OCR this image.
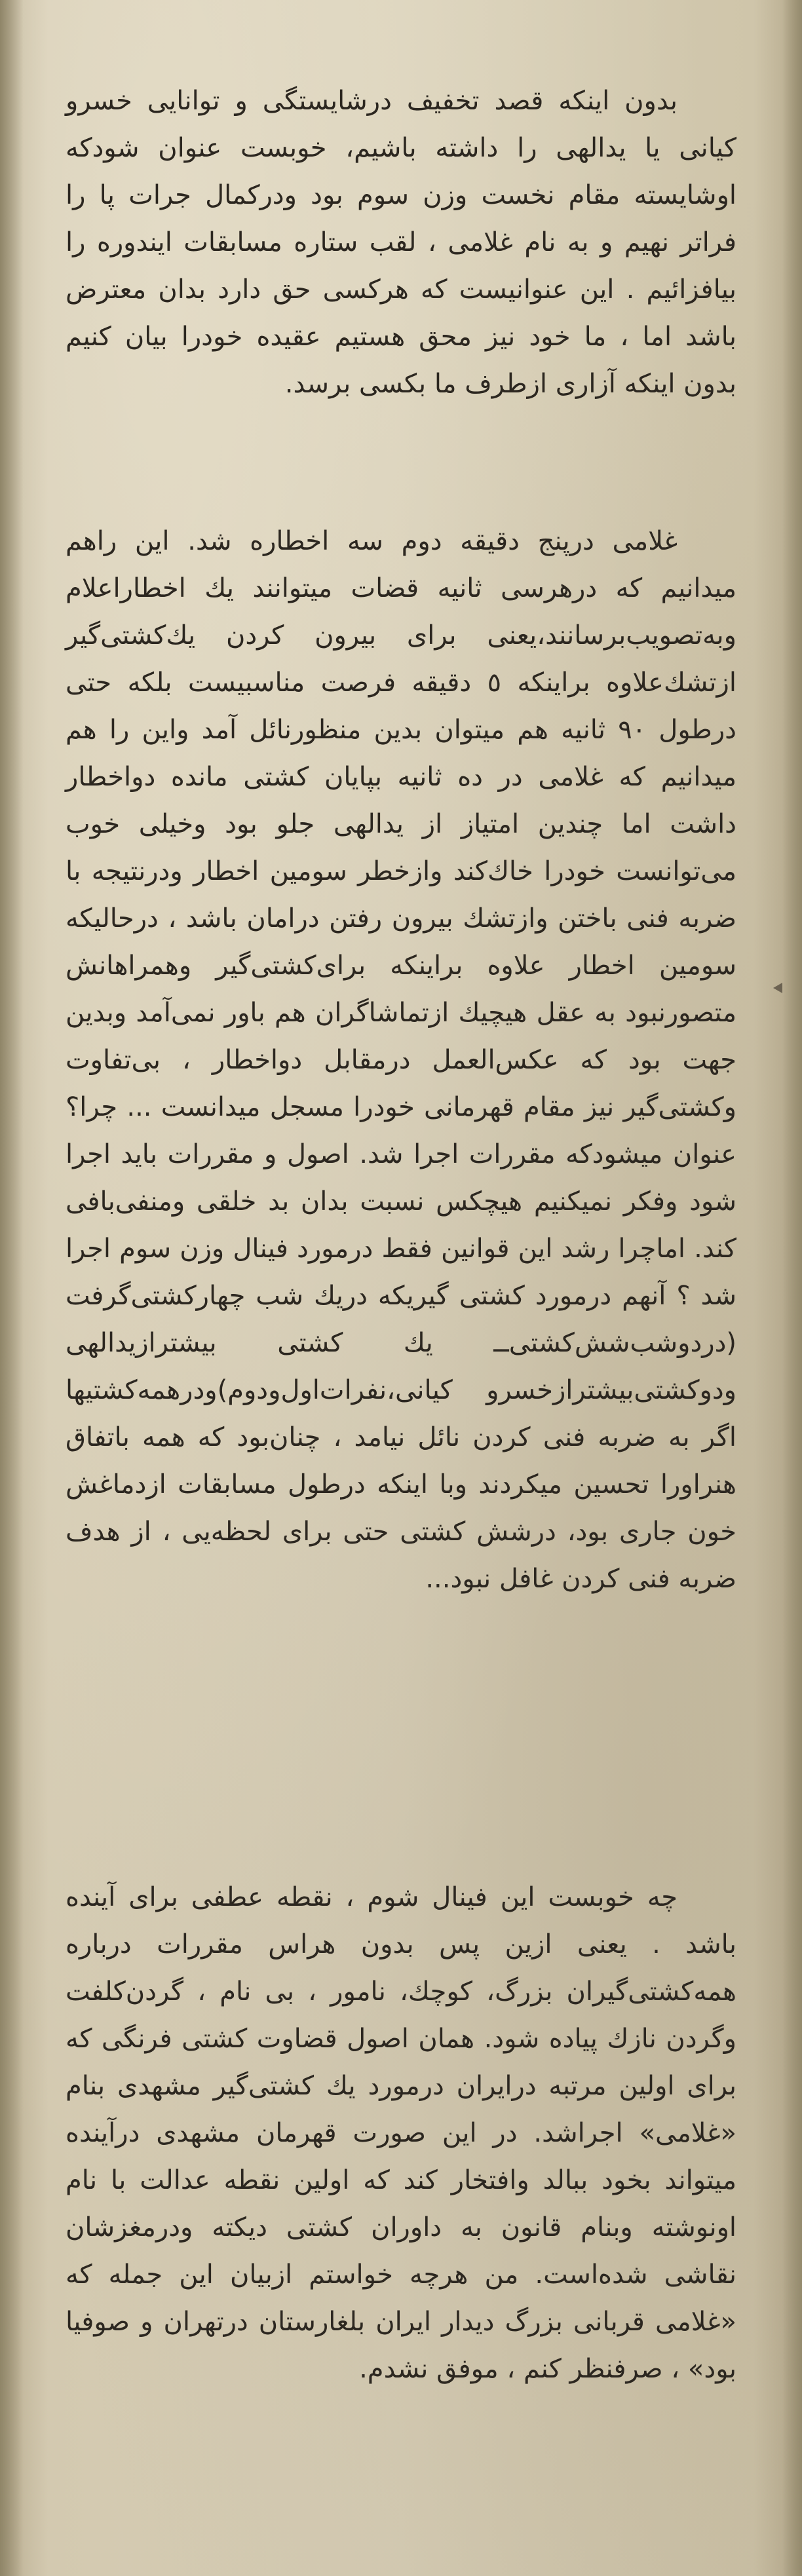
بدون اینکه قصد تخفیف درشایستگی و توانایی خسرو کیانی یا یدالهی را داشته باشیم، خوبست عنوان شودکه اوشایسته مقام نخست وزن سوم بود ودرکمال جرات پا را فراتر نهیم و به نام غلامی ، لقب ستاره مسابقات ایندوره را بیافزائیم . این عنوانیست که هرکسی حق دارد بدان معترض باشد اما ، ما خود نیز محق هستیم عقیده خودرا بیان کنیم بدون اینکه آزاری ازطرف ما بکسی برسد.

غلامی درپنج دقیقه دوم سه اخطاره شد. این راهم میدانیم که درهرسی ثانیه قضات میتوانند یك اخطاراعلام وبه‌تصویب‌برسانند،یعنی برای بیرون کردن یك‌کشتی‌گیر ازتشك‌علاوه براینکه ٥ دقیقه فرصت مناسبیست بلکه حتی درطول ٩٠ ثانیه هم میتوان بدین منظورنائل آمد واین را هم میدانیم که غلامی در ده ثانیه بپایان کشتی مانده دواخطار داشت اما چندین امتیاز از یدالهی جلو بود وخیلی خوب می‌توانست خودرا خاك‌كند وازخطر سومین اخطار ودرنتیجه با ضربه فنی باختن وازتشك بیرون رفتن درامان باشد ، درحالیکه سومین اخطار علاوه براینکه برای‌کشتی‌گیر وهمراهانش متصورنبود به عقل هیچیك ازتماشاگران هم باور نمی‌آمد وبدین جهت بود که عکس‌العمل درمقابل دواخطار ، بی‌تفاوت وکشتی‌گیر نیز مقام قهرمانی خودرا مسجل میدانست ... چرا؟ عنوان میشودکه مقررات اجرا شد. اصول و مقررات باید اجرا شود وفکر نمیکنیم هیچکس نسبت بدان بد خلقی ومنفی‌بافی کند. اماچرا رشد این قوانین فقط درمورد فینال وزن سوم اجرا شد ؟ آنهم درمورد کشتی گیریکه دریك شب چهارکشتی‌گرفت (دردوشب‌شش‌کشتی‌ــ یك کشتی بیشترازیدالهی ودوکشتی‌بیشترازخسرو کیانی،نفرات‌اول‌ودوم)ودرهمه‌کشتیها اگر به ضربه فنی کردن نائل نیامد ، چنان‌بود که همه باتفاق هنراورا تحسین میکردند وبا اینکه درطول مسابقات ازدماغش خون جاری بود، درشش کشتی حتی برای لحظه‌یی ، از هدف ضربه فنی کردن غافل نبود...

چه خوبست این فینال شوم ، نقطه عطفی برای آینده باشد . یعنی ازین پس بدون هراس مقررات درباره همه‌کشتی‌گیران بزرگ، کوچك، نامور ، بی نام ، گردن‌کلفت وگردن نازك پیاده شود. همان اصول قضاوت کشتی فرنگی که برای اولین مرتبه درایران درمورد یك کشتی‌گیر مشهدی بنام «غلامی» اجراشد. در این صورت قهرمان مشهدی درآینده میتواند بخود ببالد وافتخار کند که اولین نقطه عدالت با نام اونوشته وبنام قانون به داوران کشتی دیکته ودرمغزشان نقاشی شده‌است. من هرچه خواستم ازبیان این جمله که «غلامی قربانی بزرگ دیدار ایران بلغارستان درتهران و صوفیا بود» ، صرفنظر کنم ، موفق نشدم.
